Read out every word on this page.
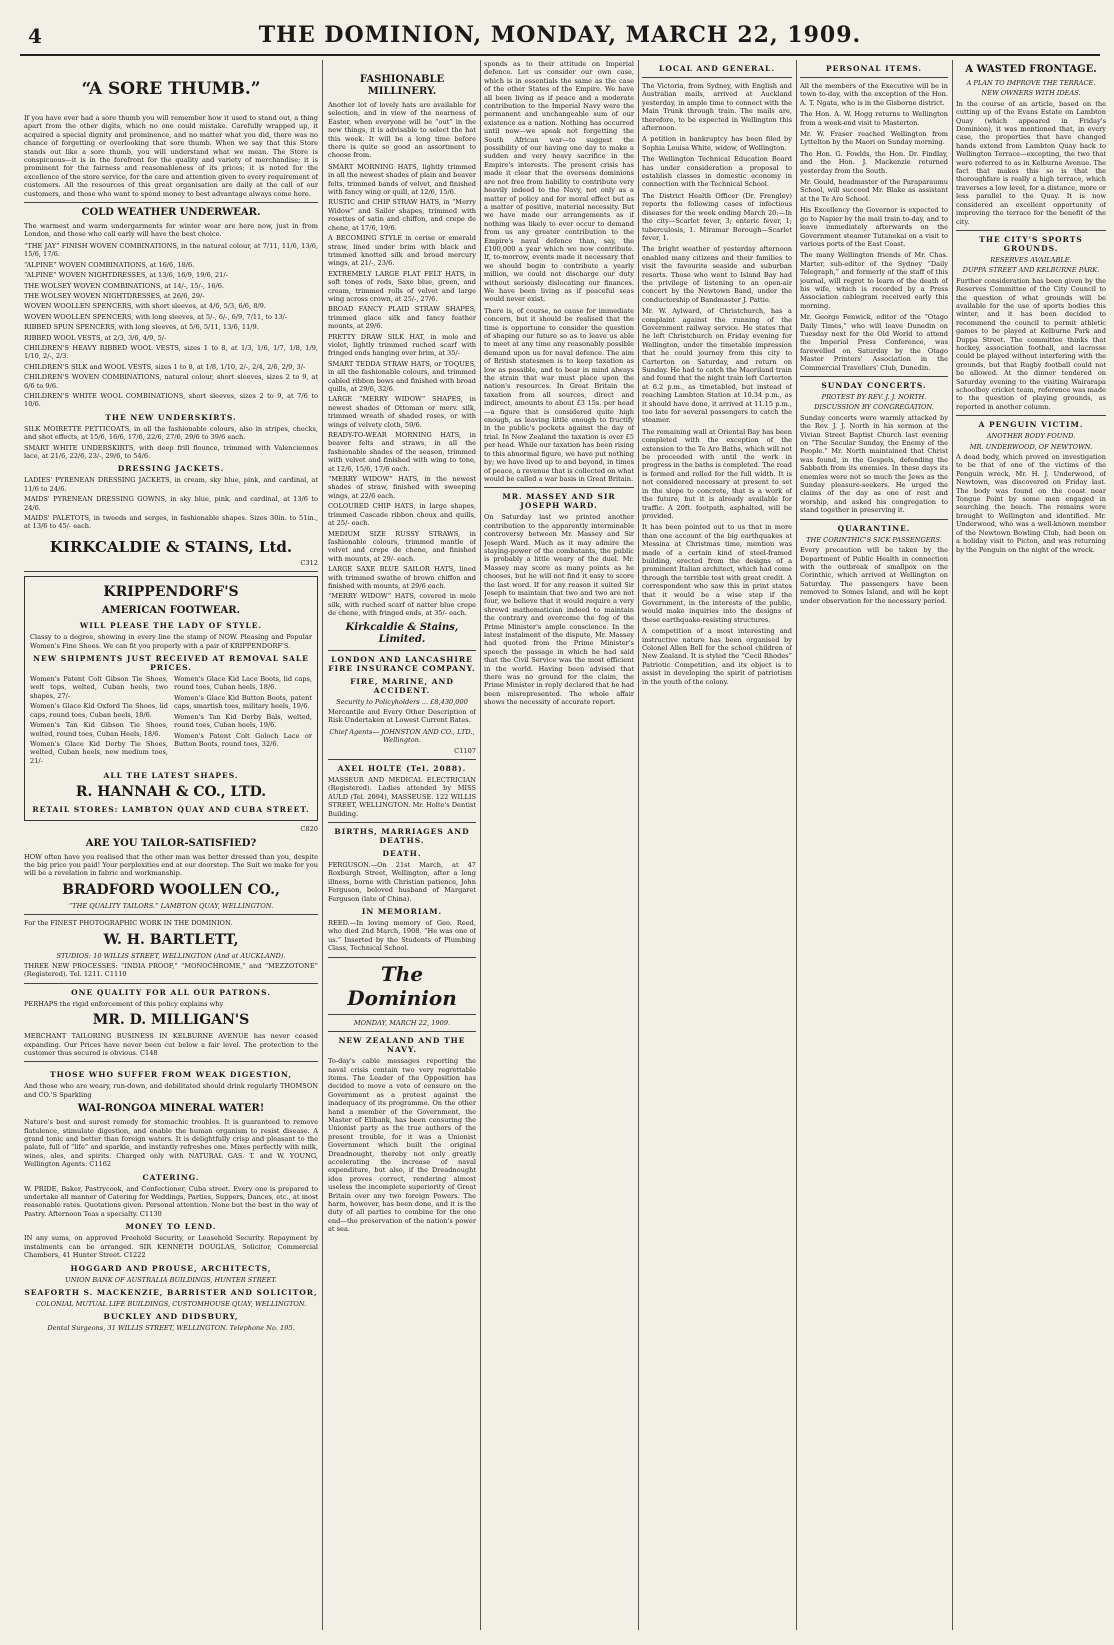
4	THE DOMINION, MONDAY, MARCH 22, 1909.
“A SORE THUMB.”

If you have ever had a sore thumb you will remember how it used to stand out, a thing apart from the other digits, which no one could mistake. Carefully wrapped up, it acquired a special dignity and prominence, and no matter what you did, there was no chance of forgetting or overlooking that sore thumb. When we say that this Store stands out like a sore thumb, you will understand what we mean. The Store is conspicuous—it is in the forefront for the quality and variety of merchandise; it is prominent for the fairness and reasonableness of its prices; it is noted for the excellence of the store service, for the care and attention given to every requirement of customers. All the resources of this great organisation are daily at the call of our customers, and those who want to spend money to best advantage always come here.

COLD WEATHER UNDERWEAR.

The warmest and warm undergarments for winter wear are here now, just in from London, and those who call early will have the best choice.

“THE JAY” FINISH WOVEN COMBINATIONS, in the natural colour, at 7/11, 11/6, 13/6, 15/6, 17/6.

“ALPINE” WOVEN COMBINATIONS, at 16/6, 18/6.

“ALPINE” WOVEN NIGHTDRESSES, at 13/6, 16/9, 19/6, 21/-

THE WOLSEY WOVEN COMBINATIONS, at 14/-, 15/-, 16/6.

THE WOLSEY WOVEN NIGHTDRESSES, at 26/6, 29/-

WOVEN WOOLLEN SPENCERS, with short sleeves, at 4/6, 5/3, 6/6, 8/9.

WOVEN WOOLLEN SPENCERS, with long sleeves, at 5/-, 6/-, 6/9, 7/11, to 13/-

RIBBED SPUN SPENCERS, with long sleeves, at 5/6, 5/11, 13/6, 11/9.

RIBBED WOOL VESTS, at 2/3, 3/6, 4/9, 5/-

CHILDREN'S HEAVY RIBBED WOOL VESTS, sizes 1 to 8, at 1/3, 1/6, 1/7, 1/8, 1/9, 1/10, 2/-, 2/3.

CHILDREN'S SILK and WOOL VESTS, sizes 1 to 8, at 1/8, 1/10, 2/-, 2/4, 2/6, 2/9, 3/-

CHILDREN'S WOVEN COMBINATIONS, natural colour, short sleeves, sizes 2 to 9, at 6/6 to 9/6.

CHILDREN'S WHITE WOOL COMBINATIONS, short sleeves, sizes 2 to 9, at 7/6 to 10/6.

THE NEW UNDERSKIRTS.

SILK MOIRETTE PETTICOATS, in all the fashionable colours, also in stripes, checks, and shot effects, at 15/6, 16/6, 17/6, 22/6, 27/6, 29/6 to 39/6 each.

SMART WHITE UNDERSKIRTS, with deep frill flounce, trimmed with Valenciennes lace, at 21/6, 22/6, 23/-, 29/6, to 54/6.

DRESSING JACKETS.

LADIES' PYRENEAN DRESSING JACKETS, in cream, sky blue, pink, and cardinal, at 11/6 to 24/6.

MAIDS' PYRENEAN DRESSING GOWNS, in sky blue, pink, and cardinal, at 13/6 to 24/6.

MAIDS' PALETOTS, in tweeds and serges, in fashionable shapes. Sizes 30in. to 51in., at 13/6 to 45/- each.

KIRKCALDIE & STAINS, Ltd.
C312
KRIPPENDORF'S
AMERICAN FOOTWEAR.
WILL PLEASE THE LADY OF STYLE.

Classy to a degree, showing in every line the stamp of NOW. Pleasing and Popular Women's Fine Shoes. We can fit you properly with a pair of KRIPPENDORF'S.

NEW SHIPMENTS JUST RECEIVED AT REMOVAL SALE PRICES.

Women's Patent Colt Gibson Tie Shoes, welt tops, welted, Cuban heels, two shapes, 27/-

Women's Glace Kid Oxford Tie Shoes, lid caps, round toes, Cuban heels, 18/6.

Women's Tan Kid Gibson Tie Shoes, welted, round toes, Cuban Heels, 18/6.

Women's Glace Kid Derby Tie Shoes, welted, Cuban heels, new medium toes, 21/-

Women's Glace Kid Lace Boots, lid caps, round toes, Cuban heels, 18/6.

Women's Glace Kid Button Boots, patent caps, smartish toes, military heels, 19/6.

Women's Tan Kid Derby Bals, welted, round toes, Cuban heels, 19/6.

Women's Patent Colt Goloch Lace or Button Boots, round toes, 32/6.

ALL THE LATEST SHAPES.
R. HANNAH & CO., LTD.
RETAIL STORES: LAMBTON QUAY AND CUBA STREET.
C820
ARE YOU TAILOR-SATISFIED?

HOW often have you realised that the other man was better dressed than you, despite the big price you paid! Your perplexities end at our doorstep. The Suit we make for you will be a revelation in fabric and workmanship.

BRADFORD WOOLLEN CO.,
“THE QUALITY TAILORS.” LAMBTON QUAY, WELLINGTON.

For the FINEST PHOTOGRAPHIC WORK IN THE DOMINION.

W. H. BARTLETT,
STUDIOS: 10 WILLIS STREET, WELLINGTON (And at AUCKLAND).

THREE NEW PROCESSES: “INDIA PROOF,” “MONOCHROME,” and “MEZZOTONE” (Registered). Tel. 1211. C1110

ONE QUALITY FOR ALL OUR PATRONS.

PERHAPS the rigid enforcement of this policy explains why

MR. D. MILLIGAN'S

MERCHANT TAILORING BUSINESS IN KELBURNE AVENUE has never ceased expanding. Our Prices have never been cut below a fair level. The protection to the customer thus secured is obvious. C148

THOSE WHO SUFFER FROM WEAK DIGESTION,

And those who are weary, run-down, and debilitated should drink regularly THOMSON and CO.'S Sparkling

WAI-RONGOA MINERAL WATER!

Nature's best and surest remedy for stomachic troubles. It is guaranteed to remove flatulence, stimulate digestion, and enable the human organism to resist disease. A grand tonic and better than foreign waters. It is delightfully crisp and pleasant to the palate, full of “life” and sparkle, and instantly refreshes one. Mixes perfectly with milk, wines, ales, and spirits. Charged only with NATURAL GAS. T. and W. YOUNG, Wellington Agents. C1162

CATERING.

W. PRIDE, Baker, Pastrycook, and Confectioner, Cuba street. Every one is prepared to undertake all manner of Catering for Weddings, Parties, Suppers, Dances, etc., at most reasonable rates. Quotations given. Personal attention. None but the best in the way of Pastry. Afternoon Teas a specialty. C1130

MONEY TO LEND.

IN any sums, on approved Freehold Security, or Leasehold Security. Repayment by instalments can be arranged. SIR KENNETH DOUGLAS, Solicitor, Commercial Chambers, 41 Hunter Street. C1222

HOGGARD AND PROUSE, ARCHITECTS,
UNION BANK OF AUSTRALIA BUILDINGS, HUNTER STREET.
SEAFORTH S. MACKENZIE, BARRISTER AND SOLICITOR,
COLONIAL MUTUAL LIFE BUILDINGS, CUSTOMHOUSE QUAY, WELLINGTON.
BUCKLEY AND DIDSBURY,
Dental Surgeons, 31 WILLIS STREET, WELLINGTON. Telephone No. 195.
FASHIONABLE MILLINERY.

Another lot of lovely hats are available for selection, and in view of the nearness of Easter, when everyone will be “out” in the new things, it is advisable to select the hat this week. It will be a long time before there is quite so good an assortment to choose from.

SMART MORNING HATS, lightly trimmed in all the newest shades of plain and beaver felts, trimmed bands of velvet, and finished with fancy wing or quill, at 12/6, 15/6.

RUSTIC and CHIP STRAW HATS, in “Merry Widow” and Sailor shapes, trimmed with rosettes of satin and chiffon, and crepe de chene, at 17/6, 19/6.

A BECOMING STYLE in cerise or emerald straw, lined under brim with black and trimmed knotted silk and broad mercury wings, at 21/-, 23/6.

EXTREMELY LARGE FLAT FELT HATS, in soft tones of reds, Saxe blue, green, and cream, trimmed rolls of velvet and large wing across crown, at 25/-, 27/6.

BROAD FANCY PLAID STRAW SHAPES, trimmed glace silk and fancy feather mounts, at 29/6.

PRETTY DRAW SILK HAT, in mole and violet, lightly trimmed ruched scarf with fringed ends hanging over brim, at 35/-

SMART TEDDA STRAW HATS, or TOQUES, in all the fashionable colours, and trimmed cabled ribbon bows and finished with broad quills, at 29/6, 32/6.

LARGE “MERRY WIDOW” SHAPES, in newest shades of Ottoman or merv. silk, trimmed wreath of shaded roses, or with wings of velvety cloth, 59/6.

READY-TO-WEAR MORNING HATS, in beaver felts and straws, in all the fashionable shades of the season, trimmed with velvet and finished with wing to tone, at 12/6, 15/6, 17/6 each.

“MERRY WIDOW” HATS, in the newest shades of straw, finished with sweeping wings, at 22/6 each.

COLOURED CHIP HATS, in large shapes, trimmed Cascade ribbon choux and quills, at 25/- each.

MEDIUM SIZE RUSSY STRAWS, in fashionable colours, trimmed mantle of velvet and crepe de chene, and finished with mounts, at 29/- each.

LARGE SAXE BLUE SAILOR HATS, lined with trimmed swathe of brown chiffon and finished with mounts, at 29/6 each.

“MERRY WIDOW” HATS, covered in mole silk, with ruched scarf of natter blue crepe de chene, with fringed ends, at 35/- each.

Kirkcaldie & Stains, Limited.
LONDON AND LANCASHIRE FIRE INSURANCE COMPANY.
FIRE, MARINE, AND ACCIDENT.
Security to Policyholders ... £8,430,000

Mercantile and Every Other Description of Risk Undertaken at Lowest Current Rates.

Chief Agents— JOHNSTON AND CO., LTD., Wellington.
C1107
AXEL HOLTE (Tel. 2088).

MASSEUR AND MEDICAL ELECTRICIAN (Registered). Ladies attended by MISS AULD (Tel. 2094), MASSEUSE. 122 WILLIS STREET, WELLINGTON. Mr. Holte's Dentist Building.

BIRTHS, MARRIAGES AND DEATHS.
DEATH.

FERGUSON.—On 21st March, at 47 Roxburgh Street, Wellington, after a long illness, borne with Christian patience, John Ferguson, beloved husband of Margaret Ferguson (late of China).

IN MEMORIAM.

REED.—In loving memory of Geo. Reed, who died 2nd March, 1908. “He was one of us.” Inserted by the Students of Plumbing Class, Technical School.

The Dominion
MONDAY, MARCH 22, 1909.
NEW ZEALAND AND THE NAVY.

To-day's cable messages reporting the naval crisis contain two very regrettable items. The Leader of the Opposition has decided to move a vote of censure on the Government as a protest against the inadequacy of its programme. On the other hand a member of the Government, the Master of Elibank, has been censuring the Unionist party as the true authors of the present trouble, for it was a Unionist Government which built the original Dreadnought, thereby not only greatly accelerating the increase of naval expenditure, but also, if the Dreadnought idea proves correct, rendering almost useless the incomplete superiority of Great Britain over any two foreign Powers. The harm, however, has been done, and it is the duty of all parties to combine for the one end—the preservation of the nation's power at sea.

sponds as to their attitude on Imperial defence. Let us consider our own case, which is in essentials the same as the case of the other States of the Empire. We have all been living as if peace and a moderate contribution to the Imperial Navy were the permanent and unchangeable sum of our existence as a nation. Nothing has occurred until now—we speak not forgetting the South African war—to suggest the possibility of our having one day to make a sudden and very heavy sacrifice in the Empire's interests. The present crisis has made it clear that the overseas dominions are not free from liability to contribute very heavily indeed to the Navy, not only as a matter of policy and for moral effect but as a matter of positive, material necessity. But we have made our arrangements as if nothing was likely to ever occur to demand from us any greater contribution to the Empire's naval defence than, say, the £100,000 a year which we now contribute. If, to-morrow, events made it necessary that we should begin to contribute a yearly million, we could not discharge our duty without seriously dislocating our finances. We have been living as if peaceful seas would never exist.

There is, of course, no cause for immediate concern, but it should be realised that the time is opportune to consider the question of shaping our future so as to leave us able to meet at any time any reasonably possible demand upon us for naval defence. The aim of British statesmen is to keep taxation as low as possible, and to bear in mind always the strain that war must place upon the nation's resources. In Great Britain the taxation from all sources, direct and indirect, amounts to about £3 15s. per head—a figure that is considered quite high enough, as leaving little enough to fructify in the public's pockets against the day of trial. In New Zealand the taxation is over £5 per head. While our taxation has been rising to this abnormal figure, we have put nothing by; we have lived up to and beyond, in times of peace, a revenue that is collected on what would be called a war basis in Great Britain.

MR. MASSEY AND SIR JOSEPH WARD.

On Saturday last we printed another contribution to the apparently interminable controversy between Mr. Massey and Sir Joseph Ward. Much as it may admire the staying-power of the combatants, the public is probably a little weary of the duel. Mr. Massey may score as many points as he chooses, but he will not find it easy to score the last word. If for any reason it suited Sir Joseph to maintain that two and two are not four, we believe that it would require a very shrewd mathematician indeed to maintain the contrary and overcome the fog of the Prime Minister's ample conscience. In the latest instalment of the dispute, Mr. Massey had quoted from the Prime Minister's speech the passage in which he had said that the Civil Service was the most efficient in the world. Having been advised that there was no ground for the claim, the Prime Minister in reply declared that he had been misrepresented. The whole affair shows the necessity of accurate report.

LOCAL AND GENERAL.

The Victoria, from Sydney, with English and Australian mails, arrived at Auckland yesterday, in ample time to connect with the Main Trunk through train. The mails are, therefore, to be expected in Wellington this afternoon.

A petition in bankruptcy has been filed by Sophia Louisa White, widow, of Wellington.

The Wellington Technical Education Board has under consideration a proposal to establish classes in domestic economy in connection with the Technical School.

The District Health Officer (Dr. Frengley) reports the following cases of infectious diseases for the week ending March 20:—In the city—Scarlet fever, 3; enteric fever, 1; tuberculosis, 1. Miramar Borough—Scarlet fever, 1.

The bright weather of yesterday afternoon enabled many citizens and their families to visit the favourite seaside and suburban resorts. Those who went to Island Bay had the privilege of listening to an open-air concert by the Newtown Band, under the conductorship of Bandmaster J. Pattie.

Mr. W. Aylward, of Christchurch, has a complaint against the running of the Government railway service. He states that he left Christchurch on Friday evening for Wellington, under the timetable impression that he could journey from this city to Carterton on Saturday, and return on Sunday. He had to catch the Maoriland train and found that the night train left Carterton at 6.2 p.m., as timetabled, but instead of reaching Lambton Station at 10.34 p.m., as it should have done, it arrived at 11.15 p.m., too late for several passengers to catch the steamer.

The remaining wall at Oriental Bay has been completed with the exception of the extension to the Te Aro Baths, which will not be proceeded with until the work in progress in the baths is completed. The road is formed and rolled for the full width. It is not considered necessary at present to set in the slope to concrete, that is a work of the future, but it is already available for traffic. A 20ft. footpath, asphalted, will be provided.

It has been pointed out to us that in more than one account of the big earthquakes at Messina at Christmas time, mention was made of a certain kind of steel-framed building, erected from the designs of a prominent Italian architect, which had come through the terrible test with great credit. A correspondent who saw this in print states that it would be a wise step if the Government, in the interests of the public, would make inquiries into the designs of these earthquake-resisting structures.

A competition of a most interesting and instructive nature has been organised by Colonel Allen Bell for the school children of New Zealand. It is styled the “Cecil Rhodes” Patriotic Competition, and its object is to assist in developing the spirit of patriotism in the youth of the colony.

PERSONAL ITEMS.

All the members of the Executive will be in town to-day, with the exception of the Hon. A. T. Ngata, who is in the Gisborne district.

The Hon. A. W. Hogg returns to Wellington from a week-end visit to Masterton.

Mr. W. Fraser reached Wellington from Lyttelton by the Maori on Sunday morning.

The Hon. G. Fowlds, the Hon. Dr. Findlay, and the Hon. J. Mackenzie returned yesterday from the South.

Mr. Gould, headmaster of the Paraparaumu School, will succeed Mr. Blake as assistant at the Te Aro School.

His Excellency the Governor is expected to go to Napier by the mail train to-day, and to leave immediately afterwards on the Government steamer Tutanekai on a visit to various ports of the East Coast.

The many Wellington friends of Mr. Chas. Marter, sub-editor of the Sydney “Daily Telegraph,” and formerly of the staff of this journal, will regret to learn of the death of his wife, which is recorded by a Press Association cablegram received early this morning.

Mr. George Fenwick, editor of the “Otago Daily Times,” who will leave Dunedin on Tuesday next for the Old World to attend the Imperial Press Conference, was farewelled on Saturday by the Otago Master Printers' Association in the Commercial Travellers' Club, Dunedin.

SUNDAY CONCERTS.
PROTEST BY REV. J. J. NORTH.
DISCUSSION BY CONGREGATION.

Sunday concerts were warmly attacked by the Rev. J. J. North in his sermon at the Vivian Street Baptist Church last evening on “The Secular Sunday, the Enemy of the People.” Mr. North maintained that Christ was found, in the Gospels, defending the Sabbath from its enemies. In these days its enemies were not so much the Jews as the Sunday pleasure-seekers. He urged the claims of the day as one of rest and worship, and asked his congregation to stand together in preserving it.

QUARANTINE.
THE CORINTHIC'S SICK PASSENGERS.

Every precaution will be taken by the Department of Public Health in connection with the outbreak of smallpox on the Corinthic, which arrived at Wellington on Saturday. The passengers have been removed to Somes Island, and will be kept under observation for the necessary period.

A WASTED FRONTAGE.
A PLAN TO IMPROVE THE TERRACE.
NEW OWNERS WITH IDEAS.

In the course of an article, based on the cutting up of the Evans Estate on Lambton Quay (which appeared in Friday's Dominion), it was mentioned that, in every case, the properties that have changed hands extend from Lambton Quay back to Wellington Terrace—excepting, the two that were referred to as in Kelburne Avenue. The fact that makes this so is that the thoroughfare is really a high terrace, which traverses a low level, for a distance, more or less parallel to the Quay. It is now considered an excellent opportunity of improving the terrace for the benefit of the city.

THE CITY'S SPORTS GROUNDS.
RESERVES AVAILABLE.
DUPPA STREET AND KELBURNE PARK.

Further consideration has been given by the Reserves Committee of the City Council to the question of what grounds will be available for the use of sports bodies this winter, and it has been decided to recommend the council to permit athletic games to be played at Kelburne Park and Duppa Street. The committee thinks that hockey, association football, and lacrosse could be played without interfering with the grounds, but that Rugby football could not be allowed. At the dinner tendered on Saturday evening to the visiting Wairarapa schoolboy cricket team, reference was made to the question of playing grounds, as reported in another column.

A PENGUIN VICTIM.
ANOTHER BODY FOUND.
MR. UNDERWOOD, OF NEWTOWN.

A dead body, which proved on investigation to be that of one of the victims of the Penguin wreck, Mr. H. J. Underwood, of Newtown, was discovered on Friday last. The body was found on the coast near Tongue Point by some men engaged in searching the beach. The remains were brought to Wellington and identified. Mr. Underwood, who was a well-known member of the Newtown Bowling Club, had been on a holiday visit to Picton, and was returning by the Penguin on the night of the wreck.
